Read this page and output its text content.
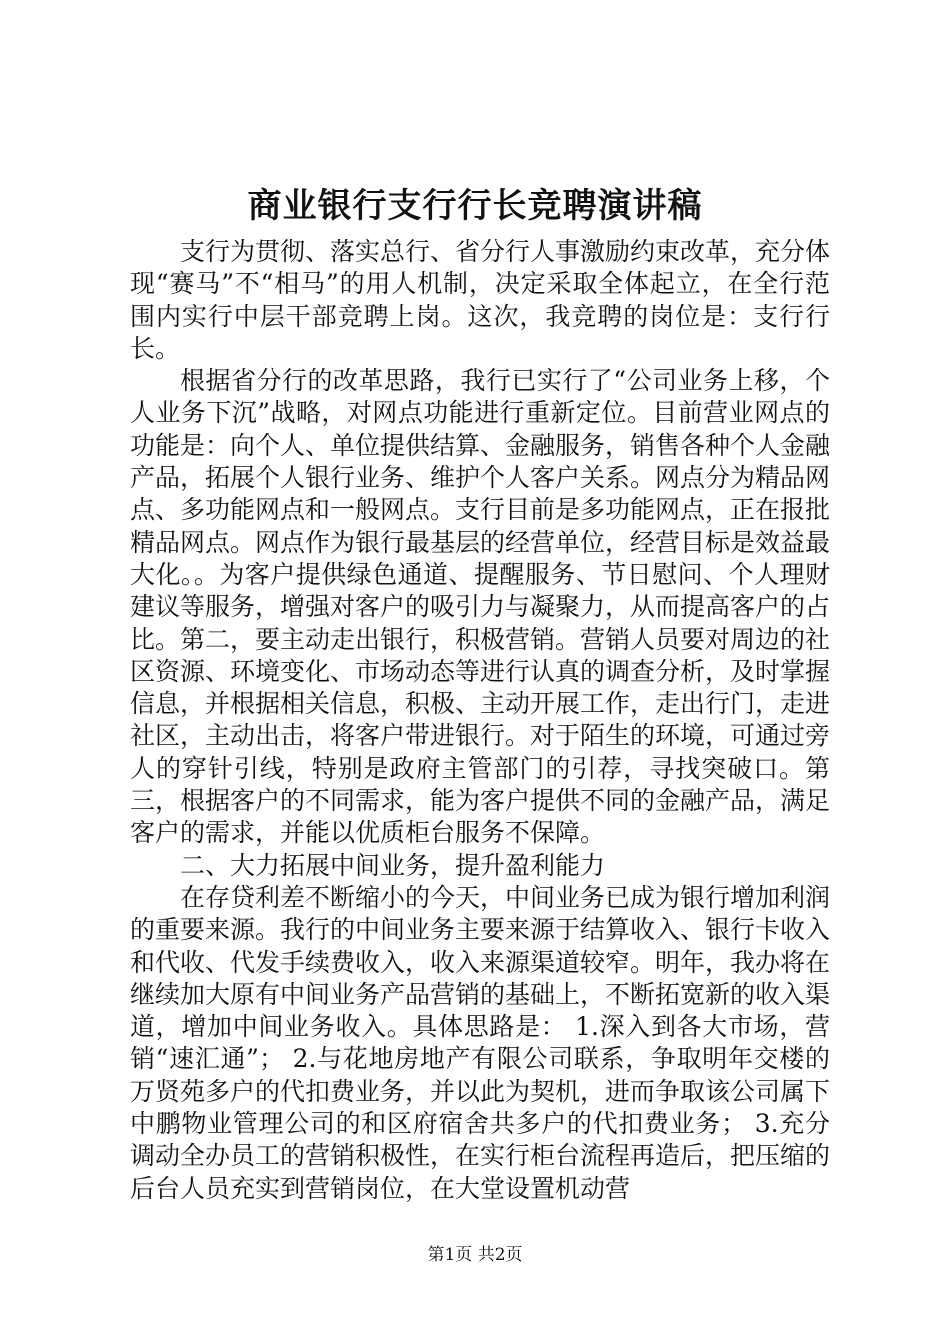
商业银行支行行长竞聘演讲稿

支行为贯彻、落实总行、省分行人事激励约束改革，充分体现“赛马”不“相马”的用人机制，决定采取全体起立，在全行范围内实行中层干部竞聘上岗。这次，我竞聘的岗位是：支行行长。

根据省分行的改革思路，我行已实行了“公司业务上移，个人业务下沉”战略，对网点功能进行重新定位。目前营业网点的功能是：向个人、单位提供结算、金融服务，销售各种个人金融产品，拓展个人银行业务、维护个人客户关系。网点分为精品网点、多功能网点和一般网点。支行目前是多功能网点，正在报批精品网点。网点作为银行最基层的经营单位，经营目标是效益最大化。。为客户提供绿色通道、提醒服务、节日慰问、个人理财建议等服务，增强对客户的吸引力与凝聚力，从而提高客户的占比。第二，要主动走出银行，积极营销。营销人员要对周边的社区资源、环境变化、市场动态等进行认真的调查分析，及时掌握信息，并根据相关信息，积极、主动开展工作，走出行门，走进社区，主动出击，将客户带进银行。对于陌生的环境，可通过旁人的穿针引线，特别是政府主管部门的引荐，寻找突破口。第三，根据客户的不同需求，能为客户提供不同的金融产品，满足客户的需求，并能以优质柜台服务不保障。

二、大力拓展中间业务，提升盈利能力

在存贷利差不断缩小的今天，中间业务已成为银行增加利润的重要来源。我行的中间业务主要来源于结算收入、银行卡收入和代收、代发手续费收入，收入来源渠道较窄。明年，我办将在继续加大原有中间业务产品营销的基础上，不断拓宽新的收入渠道，增加中间业务收入。具体思路是： 1.深入到各大市场，营销“速汇通”； 2.与花地房地产有限公司联系，争取明年交楼的万贤苑多户的代扣费业务，并以此为契机，进而争取该公司属下中鹏物业管理公司的和区府宿舍共多户的代扣费业务； 3.充分调动全办员工的营销积极性，在实行柜台流程再造后，把压缩的后台人员充实到营销岗位，在大堂设置机动营

第1页 共2页
